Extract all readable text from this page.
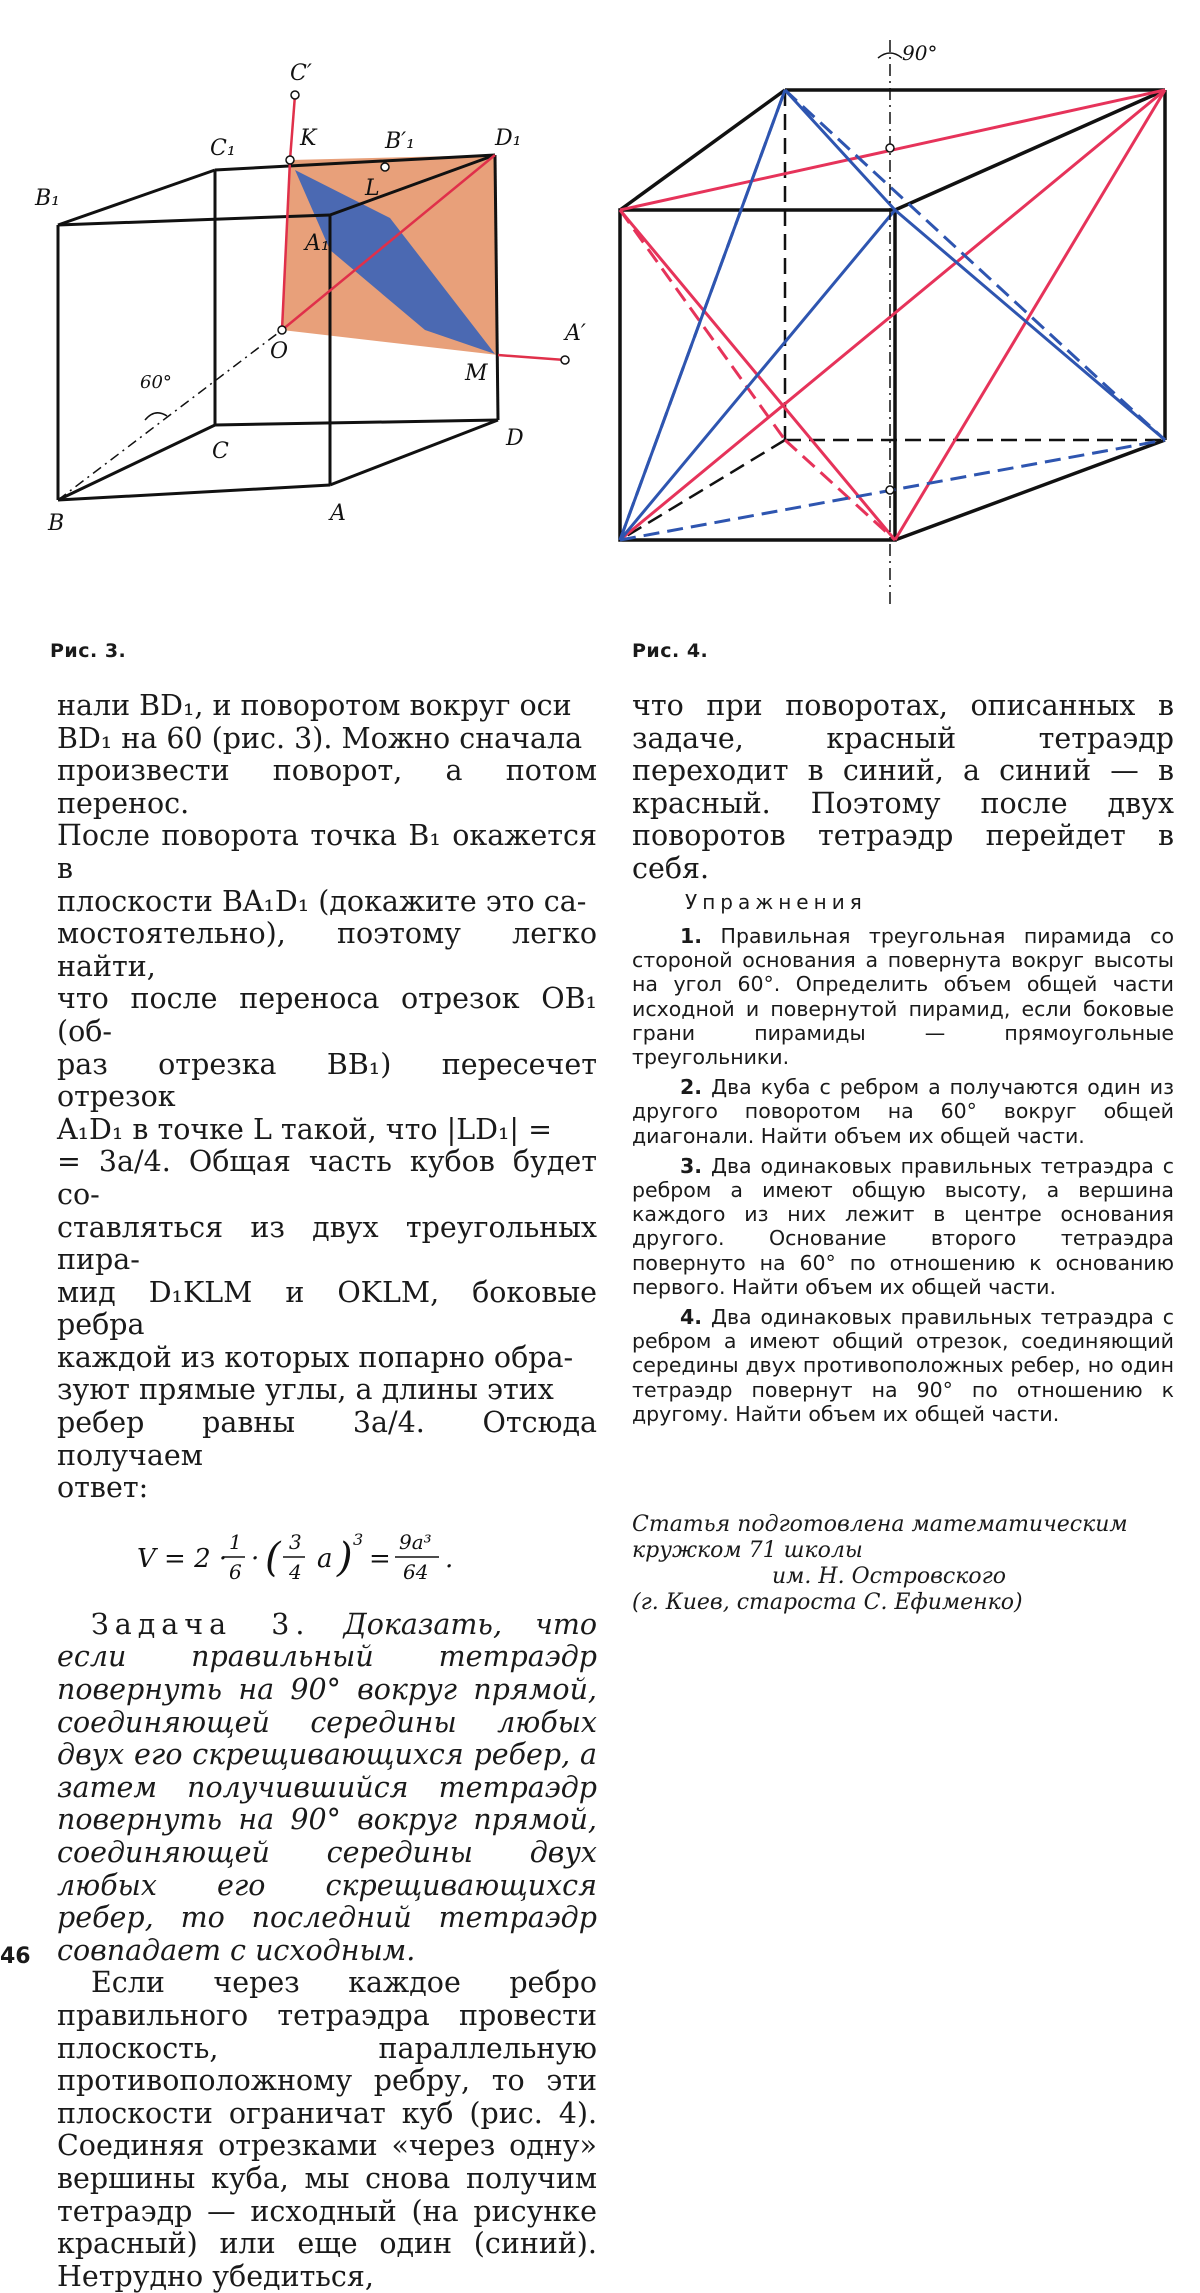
C′
C₁	K	B′₁	D₁
B₁	L
A₁
O
A′
M
60°
C
D
B	A
Рис. 3.
90°
Рис. 4.

нали BD₁, и поворотом вокруг оси

BD₁ на 60 (рис. 3). Можно сначала

произвести поворот, а потом перенос.

После поворота точка B₁ окажется в

плоскости BA₁D₁ (докажите это са-

мостоятельно), поэтому легко найти,

что после переноса отрезок OB₁ (об-

раз отрезка BB₁) пересечет отрезок

A₁D₁ в точке L такой, что |LD₁| =

= 3a/4. Общая часть кубов будет со-

ставляться из двух треугольных пира-

мид D₁KLM и OKLM, боковые ребра

каждой из которых попарно обра-

зуют прямые углы, а длины этих

ребер равны 3a/4. Отсюда получаем

ответ:

V = 2 ·
1
6 · ( 3
4 a ) 3
=
9a³
64 .

Задача 3. Доказать, что если правильный тетраэдр повернуть на 90° вокруг прямой, соединяющей середины любых двух его скрещивающихся ребер, а затем получившийся тетраэдр повернуть на 90° вокруг прямой, соединяющей середины двух любых его скрещивающихся ребер, то последний тетраэдр совпадает с исходным.

Если через каждое ребро правильного тетраэдра провести плоскость, параллельную противоположному ребру, то эти плоскости ограничат куб (рис. 4). Соединяя отрезками «через одну» вершины куба, мы снова получим тетраэдр — исходный (на рисунке красный) или еще один (синий). Нетрудно убедиться,

что при поворотах, описанных в задаче, красный тетраэдр переходит в синий, а синий — в красный. Поэтому после двух поворотов тетраэдр перейдет в себя.

Упражнения

1. Правильная треугольная пирамида со стороной основания a повернута вокруг высоты на угол 60°. Определить объем общей части исходной и повернутой пирамид, если боковые грани пирамиды — прямоугольные треугольники.

2. Два куба с ребром a получаются один из другого поворотом на 60° вокруг общей диагонали. Найти объем их общей части.

3. Два одинаковых правильных тетраэдра с ребром a имеют общую высоту, а вершина каждого из них лежит в центре основания другого. Основание второго тетраэдра повернуто на 60° по отношению к основанию первого. Найти объем их общей части.

4. Два одинаковых правильных тетраэдра с ребром a имеют общий отрезок, соединяющий середины двух противоположных ребер, но один тетраэдр повернут на 90° по отношению к другому. Найти объем их общей части.

Статья подготовлена математическим

кружком 71 школы

им. Н. Островского

(г. Киев, староста С. Ефименко)

46
